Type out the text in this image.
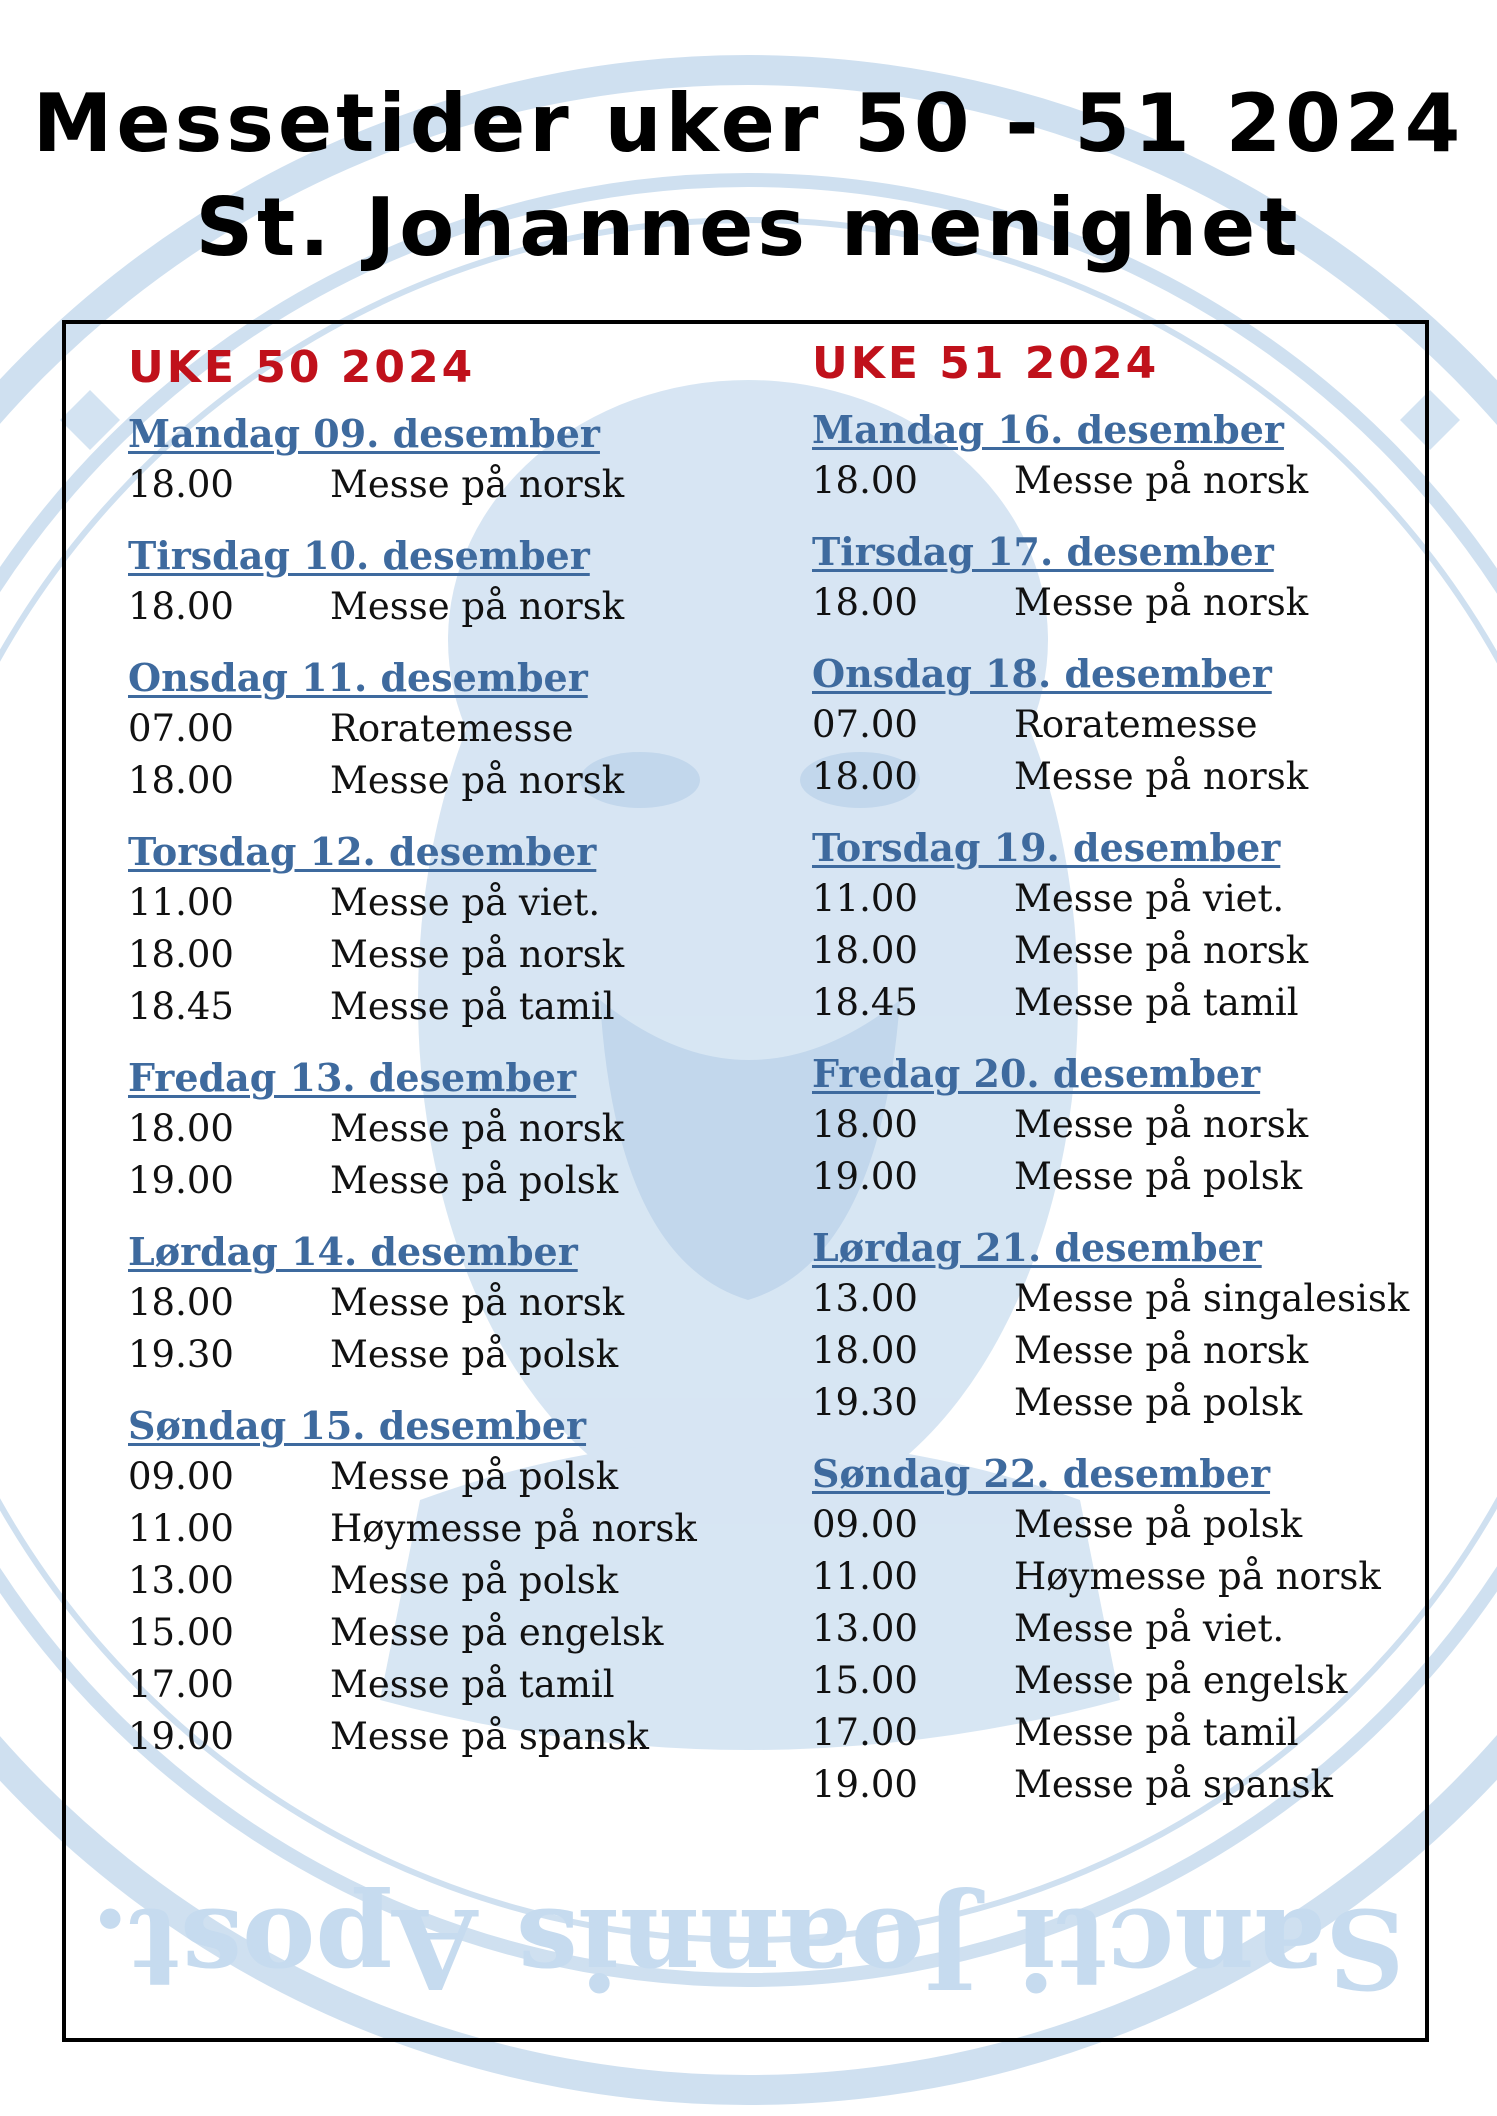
Sancti Joannis Apost.
Messetider uker 50 - 51 2024
St. Johannes menighet
UKE 50 2024
Mandag 09. desember
18.00	Messe på norsk
Tirsdag 10. desember
18.00	Messe på norsk
Onsdag 11. desember
07.00	Roratemesse
18.00	Messe på norsk
Torsdag 12. desember
11.00	Messe på viet.
18.00	Messe på norsk
18.45	Messe på tamil
Fredag 13. desember
18.00	Messe på norsk
19.00	Messe på polsk
Lørdag 14. desember
18.00	Messe på norsk
19.30	Messe på polsk
Søndag 15. desember
09.00	Messe på polsk
11.00	Høymesse på norsk
13.00	Messe på polsk
15.00	Messe på engelsk
17.00	Messe på tamil
19.00	Messe på spansk
UKE 51 2024
Mandag 16. desember
18.00	Messe på norsk
Tirsdag 17. desember
18.00	Messe på norsk
Onsdag 18. desember
07.00	Roratemesse
18.00	Messe på norsk
Torsdag 19. desember
11.00	Messe på viet.
18.00	Messe på norsk
18.45	Messe på tamil
Fredag 20. desember
18.00	Messe på norsk
19.00	Messe på polsk
Lørdag 21. desember
13.00	Messe på singalesisk
18.00	Messe på norsk
19.30	Messe på polsk
Søndag 22. desember
09.00	Messe på polsk
11.00	Høymesse på norsk
13.00	Messe på viet.
15.00	Messe på engelsk
17.00	Messe på tamil
19.00	Messe på spansk
